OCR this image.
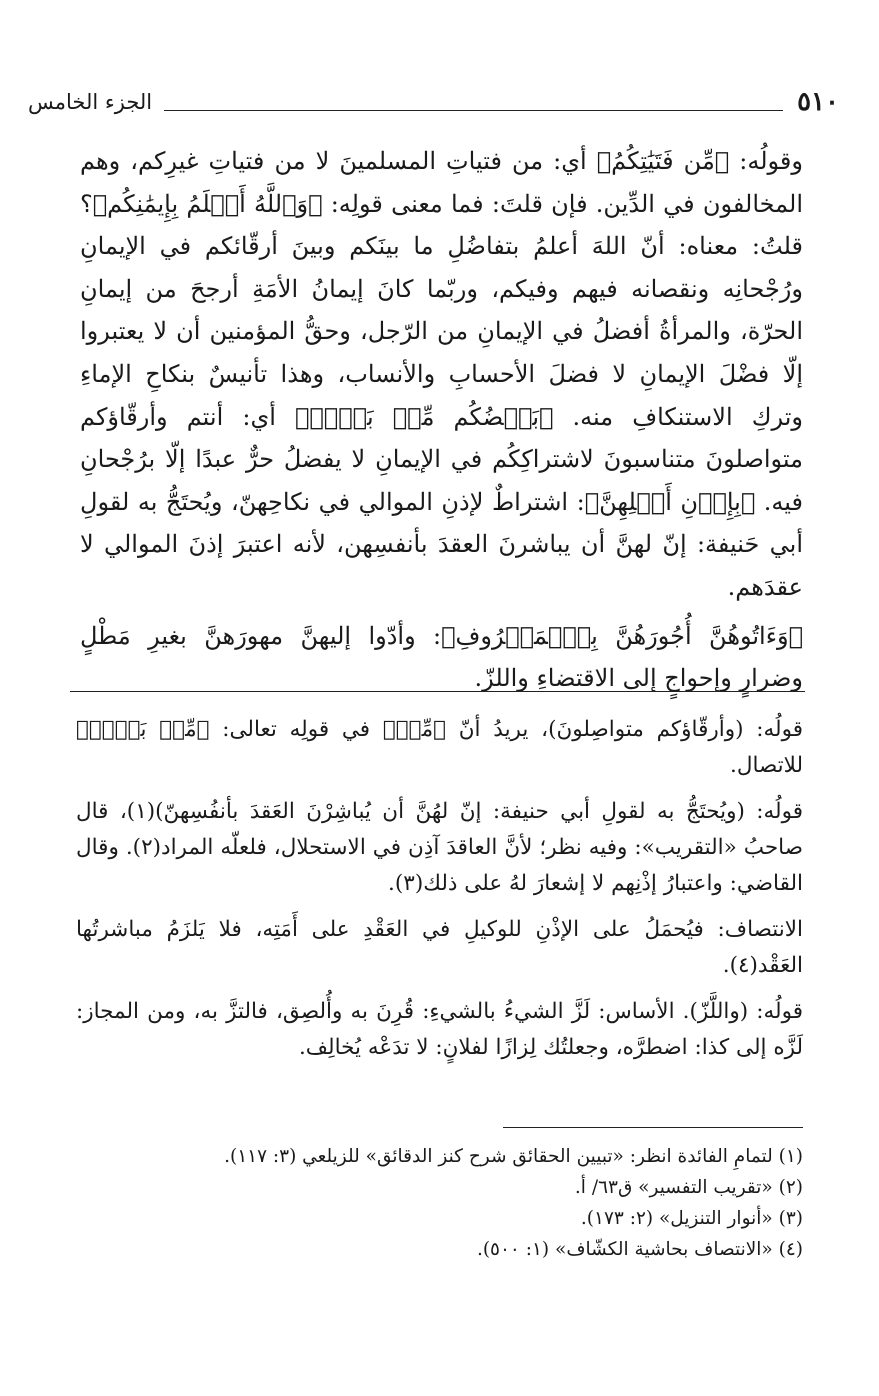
٥١٠
الجزء الخامس

وقولُه: ﴿مِّن فَتَيَٰتِكُمُ﴾ أي: من فتياتِ المسلمينَ لا من فتياتِ غيرِكم، وهم المخالفون في الدِّين. فإن قلتَ: فما معنى قولِه: ﴿وَٱللَّهُ أَعۡلَمُ بِإِيمَٰنِكُم﴾؟ قلتُ: معناه: أنّ اللهَ أعلمُ بتفاضُلِ ما بينَكم وبينَ أرقّائكم في الإيمانِ ورُجْحانِه ونقصانه فيهم وفيكم، وربّما كانَ إيمانُ الأمَةِ أرجحَ من إيمانِ الحرّة، والمرأةُ أفضلُ في الإيمانِ من الرّجل، وحقُّ المؤمنين أن لا يعتبروا إلّا فضْلَ الإيمانِ لا فضلَ الأحسابِ والأنساب، وهذا تأنيسٌ بنكاحِ الإماءِ وتركِ الاستنكافِ منه. ﴿بَعۡضُكُم مِّنۢ بَعۡضٖ﴾ أي: أنتم وأرقّاؤكم متواصلونَ متناسبونَ لاشتراكِكُم في الإيمانِ لا يفضلُ حرٌّ عبدًا إلّا برُجْحانِ فيه. ﴿بِإِذۡنِ أَهۡلِهِنَّ﴾: اشتراطٌ لإذنِ الموالي في نكاحِهنّ، ويُحتَجُّ به لقولِ أبي حَنيفة: إنّ لهنَّ أن يباشرنَ العقدَ بأنفسِهن، لأنه اعتبرَ إذنَ الموالي لا عقدَهم.

﴿وَءَاتُوهُنَّ أُجُورَهُنَّ بِٱلۡمَعۡرُوفِ﴾: وأدّوا إليهنَّ مهورَهنَّ بغيرِ مَطْلٍ وضرارٍ وإحواجٍ إلى الاقتضاءِ واللزّ.

قولُه: (وأرقّاؤكم متواصِلونَ)، يريدُ أنّ ﴿مِّنۢ﴾ في قولِه تعالى: ﴿مِّنۢ بَعۡضٖ﴾ للاتصال.

قولُه: (ويُحتَجُّ به لقولِ أبي حنيفة: إنّ لهُنَّ أن يُباشِرْنَ العَقدَ بأنفُسِهنّ)(١)، قال صاحبُ «التقريب»: وفيه نظر؛ لأنَّ العاقدَ آذِن في الاستحلال، فلعلّه المراد(٢). وقال القاضي: واعتبارُ إذْنِهم لا إشعارَ لهُ على ذلك(٣).

الانتصاف: فيُحمَلُ على الإذْنِ للوكيلِ في العَقْدِ على أَمَتِه، فلا يَلزَمُ مباشرتُها العَقْد(٤).

قولُه: (واللَّزّ). الأساس: لَزَّ الشيءُ بالشيءِ: قُرِنَ به وأُلصِق، فالتزَّ به، ومن المجاز: لَزَّه إلى كذا: اضطرَّه، وجعلتُك لِزازًا لفلانٍ: لا تدَعْه يُخالِف.

(١) لتمامِ الفائدة انظر: «تبيين الحقائق شرح كنز الدقائق» للزيلعي (٣: ١١٧).

(٢) «تقريب التفسير» ق٦٣/ أ.

(٣) «أنوار التنزيل» (٢: ١٧٣).

(٤) «الانتصاف بحاشية الكشّاف» (١: ٥٠٠).
